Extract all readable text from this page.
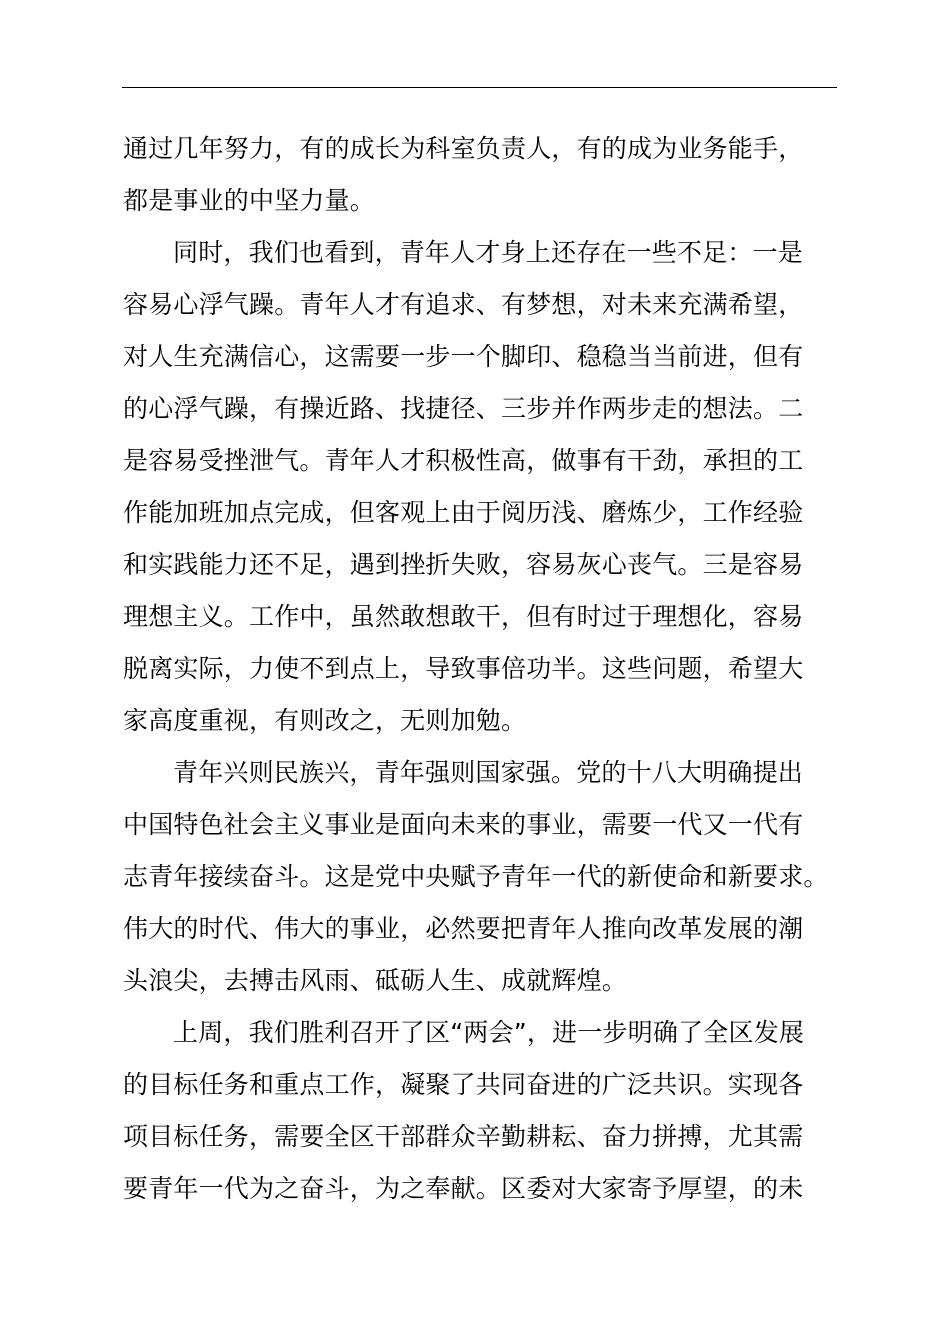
通过几年努力，有的成长为科室负责人，有的成为业务能手，
都是事业的中坚力量。
同时，我们也看到，青年人才身上还存在一些不足：一是
容易心浮气躁。青年人才有追求、有梦想，对未来充满希望，
对人生充满信心，这需要一步一个脚印、稳稳当当前进，但有
的心浮气躁，有操近路、找捷径、三步并作两步走的想法。二
是容易受挫泄气。青年人才积极性高，做事有干劲，承担的工
作能加班加点完成，但客观上由于阅历浅、磨炼少，工作经验
和实践能力还不足，遇到挫折失败，容易灰心丧气。三是容易
理想主义。工作中，虽然敢想敢干，但有时过于理想化，容易
脱离实际，力使不到点上，导致事倍功半。这些问题，希望大
家高度重视，有则改之，无则加勉。
青年兴则民族兴，青年强则国家强。党的十八大明确提出
中国特色社会主义事业是面向未来的事业，需要一代又一代有
志青年接续奋斗。这是党中央赋予青年一代的新使命和新要求。
伟大的时代、伟大的事业，必然要把青年人推向改革发展的潮
头浪尖，去搏击风雨、砥砺人生、成就辉煌。
上周，我们胜利召开了区“两会”，进一步明确了全区发展
的目标任务和重点工作，凝聚了共同奋进的广泛共识。实现各
项目标任务，需要全区干部群众辛勤耕耘、奋力拼搏，尤其需
要青年一代为之奋斗，为之奉献。区委对大家寄予厚望，的未
